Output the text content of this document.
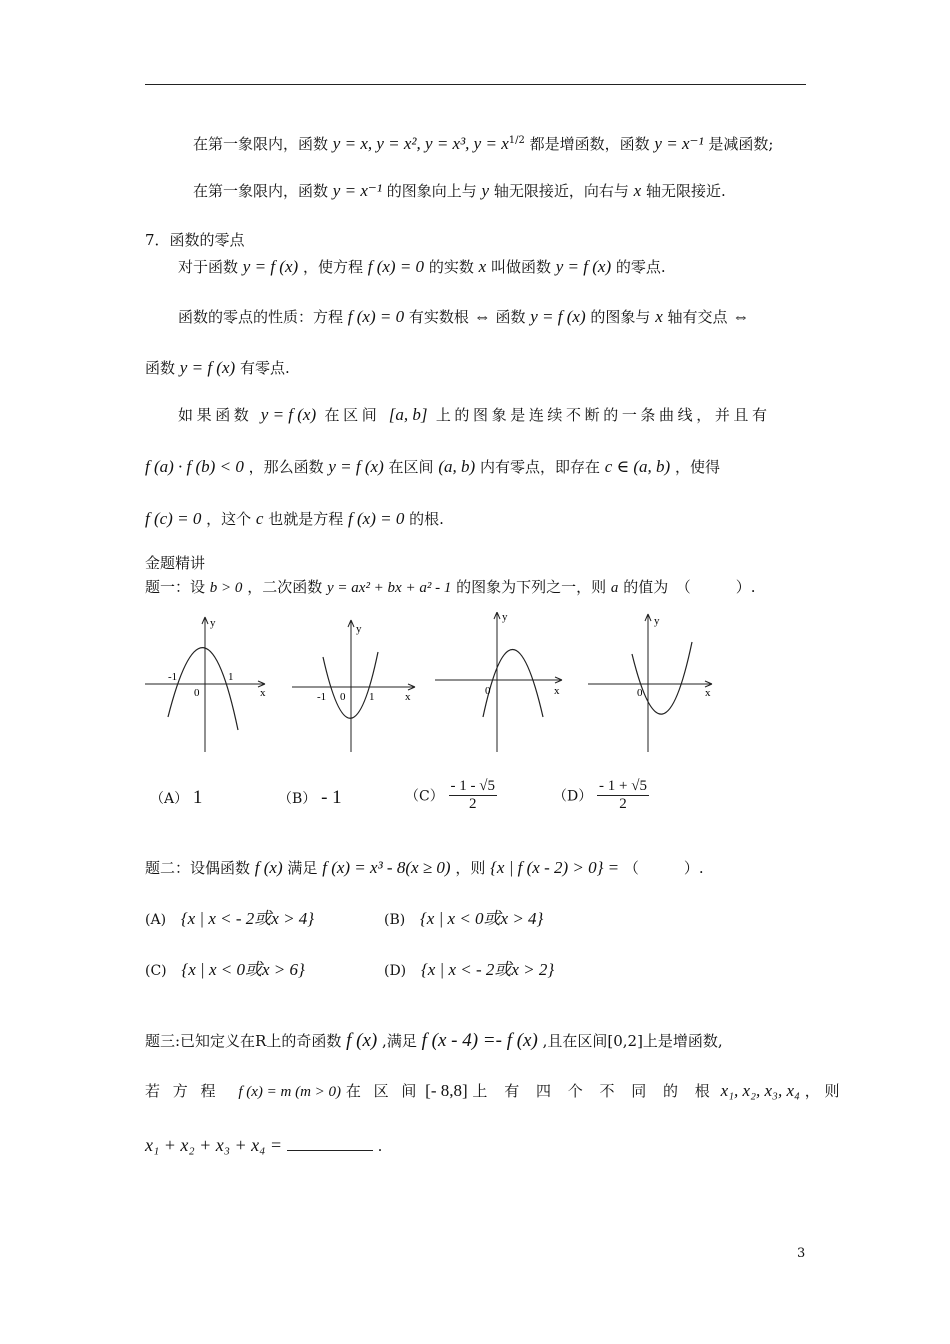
在第一象限内，函数 y = x, y = x², y = x³, $y = x^{1/2}$ 都是增函数，函数 y = x⁻¹ 是减函数;
在第一象限内，函数 y = x⁻¹ 的图象向上与 y 轴无限接近，向右与 x 轴无限接近.
7．函数的零点
对于函数 y = f (x) ，使方程 f (x) = 0 的实数 x 叫做函数 y = f (x) 的零点.
函数的零点的性质：方程 f (x) = 0 有实数根 ⇔ 函数 y = f (x) 的图象与 x 轴有交点 ⇔
函数 y = f (x) 有零点.
如果函数 y = f (x) 在区间 [a, b] 上的图象是连续不断的一条曲线，并且有
f (a) · f (b) < 0 ，那么函数 y = f (x) 在区间 (a, b) 内有零点，即存在 c ∈ (a, b) ，使得
f (c) = 0 ，这个 c 也就是方程 f (x) = 0 的根.
金题精讲
题一：设 b > 0 ，二次函数 y = ax² + bx + a² - 1 的图象为下列之一，则 a 的值为　（　　　）.
y
-1	1
0	x
y
-1 0 1	x
y
0	x
y
0	x
（A） 1	（B） - 1	$(C) \frac{- 1 - √5}{2}$	$(D) \frac{- 1 + √5}{2}$
题二：设偶函数 f (x) 满足 f (x) = x³ - 8(x ≥ 0) ，则 {x | f (x - 2) > 0} = （　　　）.
(A) {x | x < - 2或x > 4}	(B) {x | x < 0或x > 4}
(C) {x | x < 0或x > 6}	(D) {x | x < - 2或x > 2}
题三:已知定义在R上的奇函数 f (x) ,满足 f (x - 4) =- f (x) ,且在区间[0,2]上是增函数,
若 方 程 f (x) = m (m > 0) 在 区 间 [- 8,8] 上 有 四 个 不 同 的 根 x₁, x₂, x₃, x₄ ， 则
x₁ + x₂ + x₃ + x₄ =	.
3
